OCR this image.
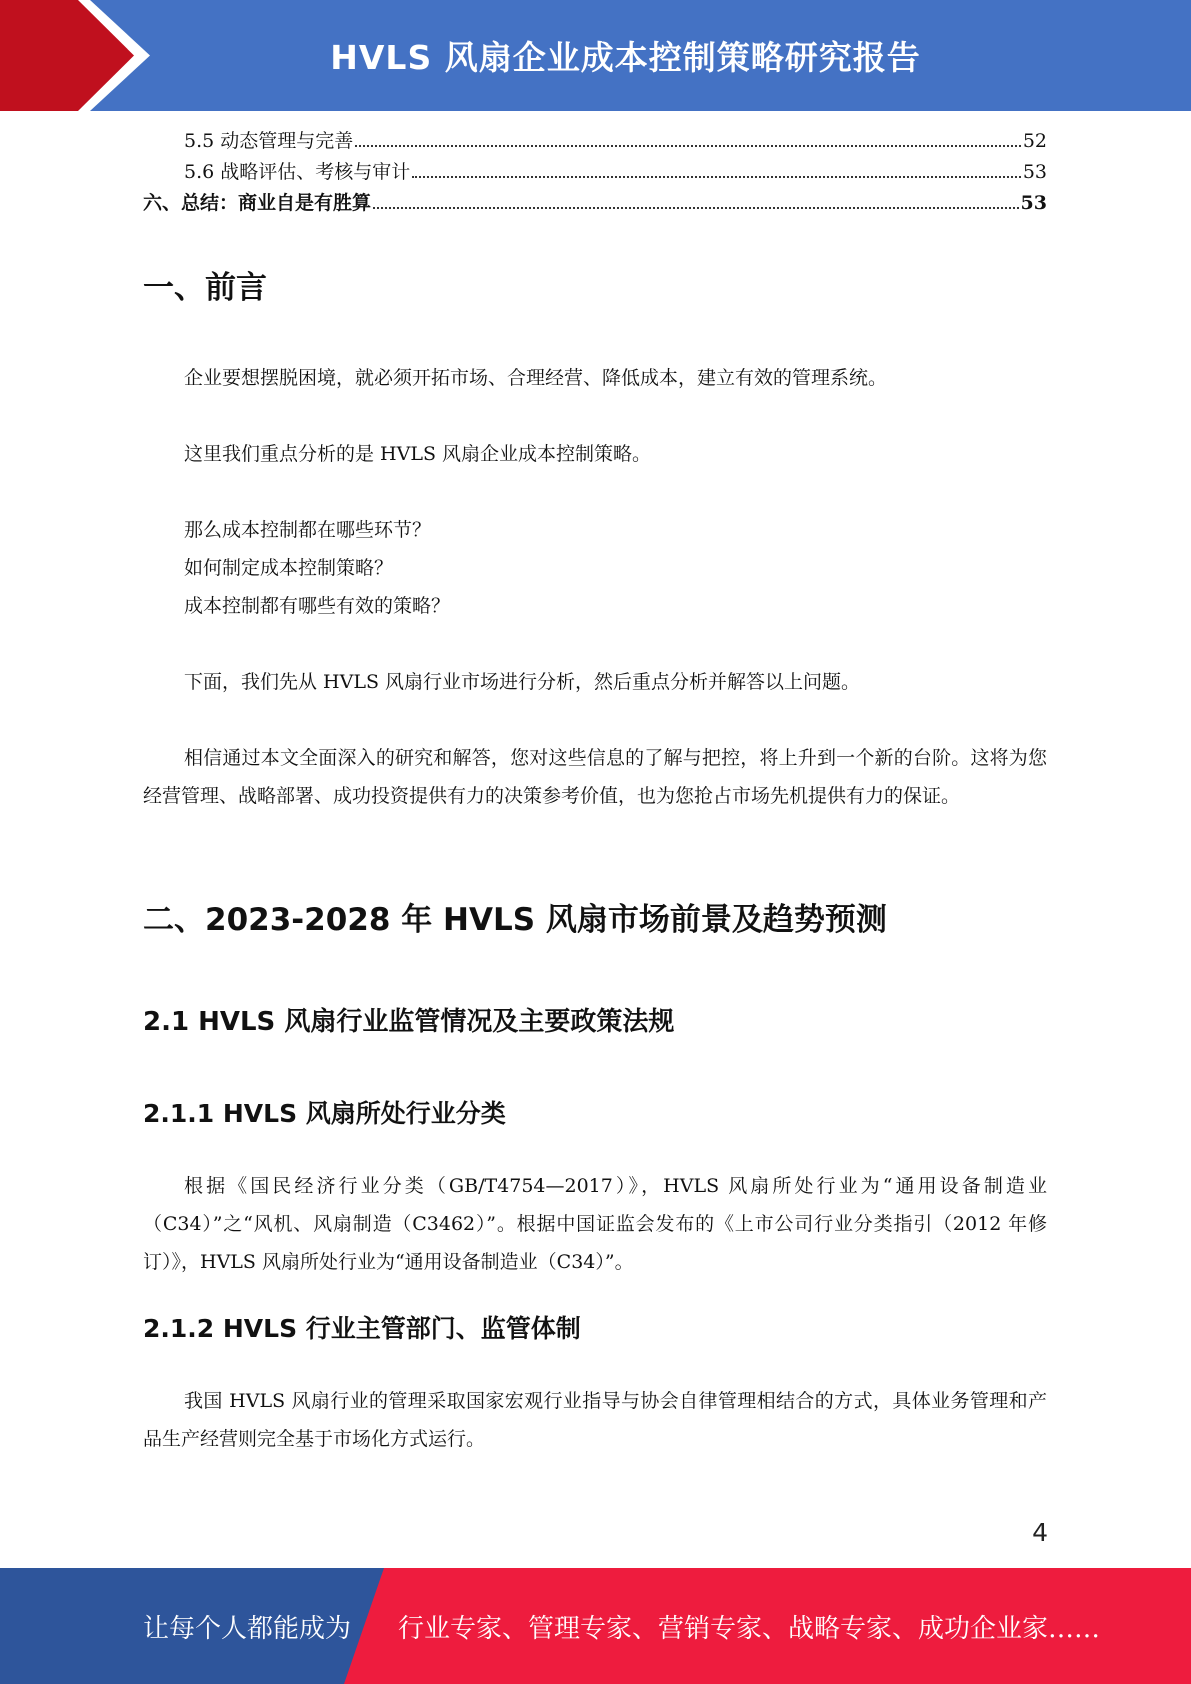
HVLS 风扇企业成本控制策略研究报告
5.5 动态管理与完善	52
5.6 战略评估、考核与审计	53
六、总结：商业自是有胜算	53
一、前言

企业要想摆脱困境，就必须开拓市场、合理经营、降低成本，建立有效的管理系统。

这里我们重点分析的是 HVLS 风扇企业成本控制策略。

那么成本控制都在哪些环节？

如何制定成本控制策略？

成本控制都有哪些有效的策略？

下面，我们先从 HVLS 风扇行业市场进行分析，然后重点分析并解答以上问题。

相信通过本文全面深入的研究和解答，您对这些信息的了解与把控，将上升到一个新的台阶。这将为您经营管理、战略部署、成功投资提供有力的决策参考价值，也为您抢占市场先机提供有力的保证。

二、2023-2028 年 HVLS 风扇市场前景及趋势预测
2.1 HVLS 风扇行业监管情况及主要政策法规
2.1.1 HVLS 风扇所处行业分类

根据《国民经济行业分类（GB/T4754—2017）》，HVLS 风扇所处行业为“通用设备制造业（C34）”之“风机、风扇制造（C3462）”。根据中国证监会发布的《上市公司行业分类指引（2012 年修订）》，HVLS 风扇所处行业为“通用设备制造业（C34）”。

2.1.2 HVLS 行业主管部门、监管体制

我国 HVLS 风扇行业的管理采取国家宏观行业指导与协会自律管理相结合的方式，具体业务管理和产品生产经营则完全基于市场化方式运行。

4
让每个人都能成为 行业专家、管理专家、营销专家、战略专家、成功企业家……
